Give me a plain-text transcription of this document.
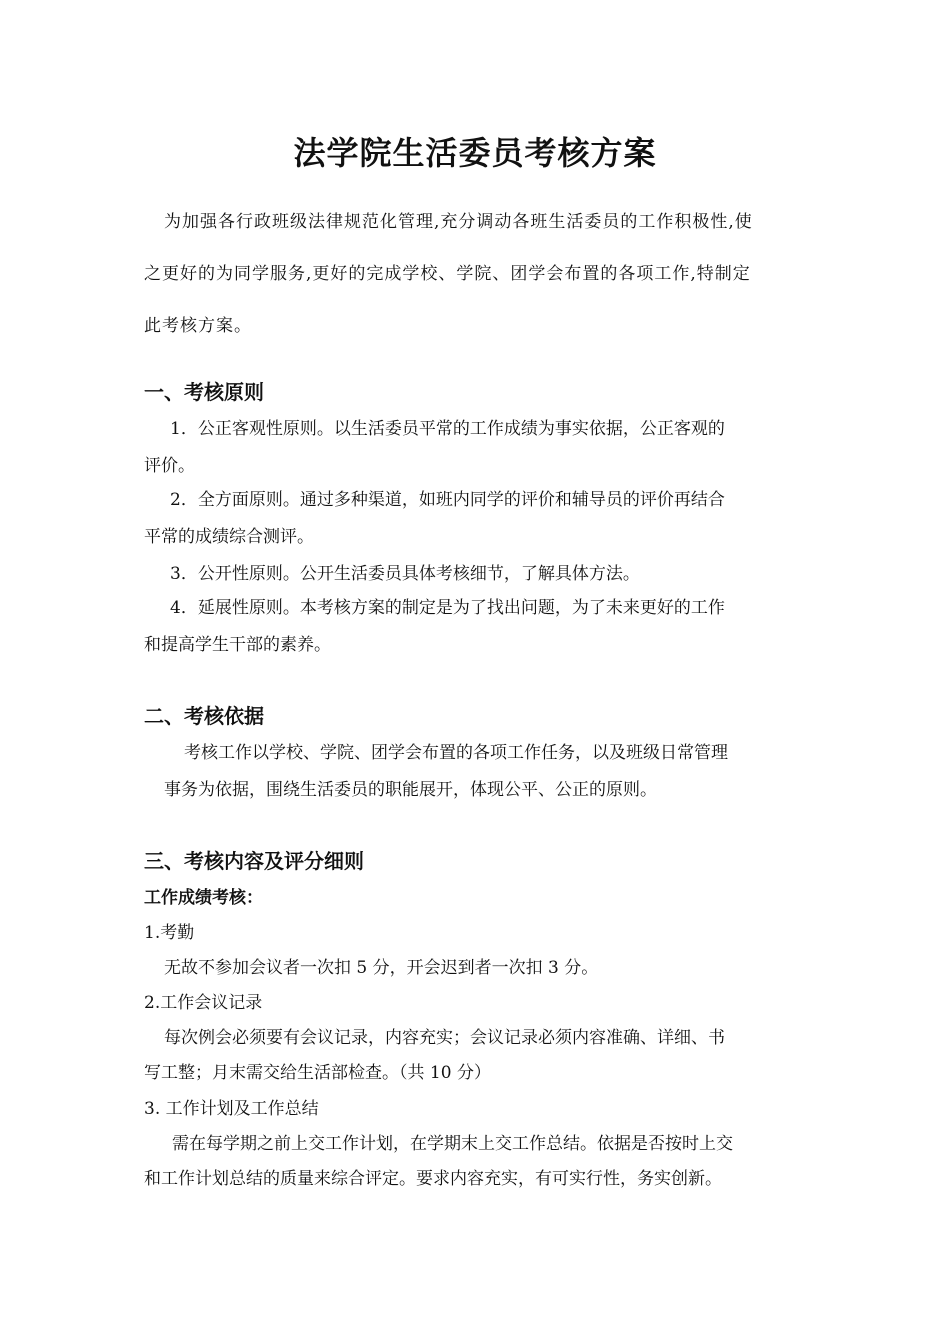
法学院生活委员考核方案

为加强各行政班级法律规范化管理,充分调动各班生活委员的工作积极性,使

之更好的为同学服务,更好的完成学校、学院、团学会布置的各项工作,特制定

此考核方案。

一、考核原则

1．公正客观性原则。以生活委员平常的工作成绩为事实依据，公正客观的

评价。

2．全方面原则。通过多种渠道，如班内同学的评价和辅导员的评价再结合

平常的成绩综合测评。

3．公开性原则。公开生活委员具体考核细节，了解具体方法。

4．延展性原则。本考核方案的制定是为了找出问题，为了未来更好的工作

和提高学生干部的素养。

二、考核依据

考核工作以学校、学院、团学会布置的各项工作任务，以及班级日常管理

事务为依据，围绕生活委员的职能展开，体现公平、公正的原则。

三、考核内容及评分细则

工作成绩考核：

1.考勤

无故不参加会议者一次扣 5 分，开会迟到者一次扣 3 分。

2.工作会议记录

每次例会必须要有会议记录，内容充实；会议记录必须内容准确、详细、书

写工整；月末需交给生活部检查。（共 10 分）

3. 工作计划及工作总结

需在每学期之前上交工作计划，在学期末上交工作总结。依据是否按时上交

和工作计划总结的质量来综合评定。要求内容充实，有可实行性，务实创新。
